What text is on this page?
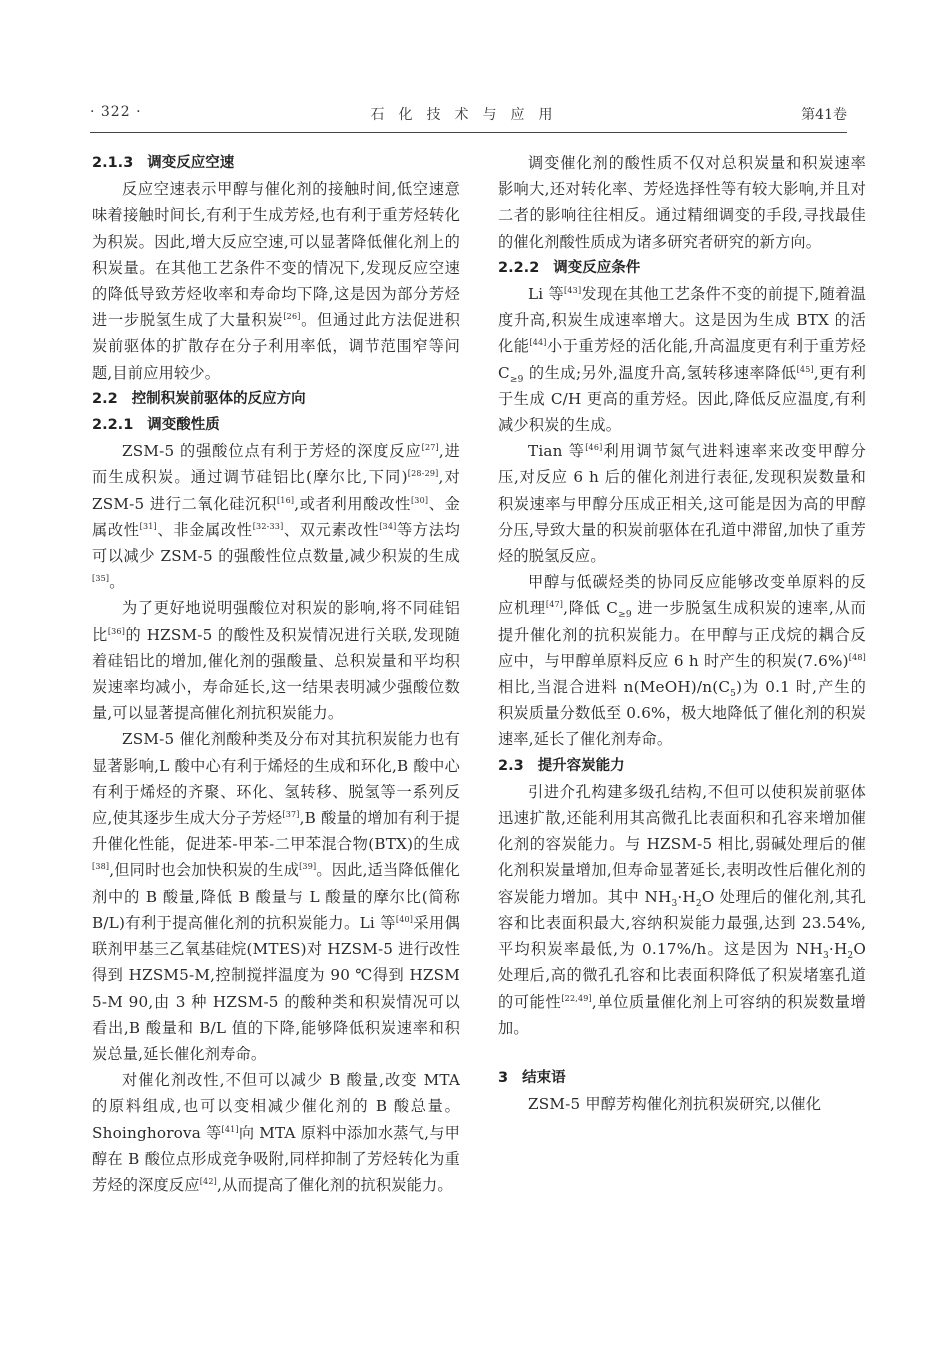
· 322 ·	石化技术与应用	第41卷
2.1.3 调变反应空速

反应空速表示甲醇与催化剂的接触时间,低空速意味着接触时间长,有利于生成芳烃,也有利于重芳烃转化为积炭。因此,增大反应空速,可以显著降低催化剂上的积炭量。在其他工艺条件不变的情况下,发现反应空速的降低导致芳烃收率和寿命均下降,这是因为部分芳烃进一步脱氢生成了大量积炭[26]。但通过此方法促进积炭前驱体的扩散存在分子利用率低，调节范围窄等问题,目前应用较少。

2.2 控制积炭前驱体的反应方向
2.2.1 调变酸性质

ZSM-5 的强酸位点有利于芳烃的深度反应[27],进而生成积炭。通过调节硅铝比(摩尔比,下同)[28-29],对 ZSM-5 进行二氧化硅沉积[16],或者利用酸改性[30]、金属改性[31]、非金属改性[32-33]、双元素改性[34]等方法均可以减少 ZSM-5 的强酸性位点数量,减少积炭的生成[35]。

为了更好地说明强酸位对积炭的影响,将不同硅铝比[36]的 HZSM-5 的酸性及积炭情况进行关联,发现随着硅铝比的增加,催化剂的强酸量、总积炭量和平均积炭速率均减小，寿命延长,这一结果表明减少强酸位数量,可以显著提高催化剂抗积炭能力。

ZSM-5 催化剂酸种类及分布对其抗积炭能力也有显著影响,L 酸中心有利于烯烃的生成和环化,B 酸中心有利于烯烃的齐聚、环化、氢转移、脱氢等一系列反应,使其逐步生成大分子芳烃[37],B 酸量的增加有利于提升催化性能，促进苯-甲苯-二甲苯混合物(BTX)的生成[38],但同时也会加快积炭的生成[39]。因此,适当降低催化剂中的 B 酸量,降低 B 酸量与 L 酸量的摩尔比(简称 B/L)有利于提高催化剂的抗积炭能力。Li 等[40]采用偶联剂甲基三乙氧基硅烷(MTES)对 HZSM-5 进行改性得到 HZSM5-M,控制搅拌温度为 90 ℃得到 HZSM 5-M 90,由 3 种 HZSM-5 的酸种类和积炭情况可以看出,B 酸量和 B/L 值的下降,能够降低积炭速率和积炭总量,延长催化剂寿命。

对催化剂改性,不但可以减少 B 酸量,改变 MTA 的原料组成,也可以变相减少催化剂的 B 酸总量。Shoinghorova 等[41]向 MTA 原料中添加水蒸气,与甲醇在 B 酸位点形成竞争吸附,同样抑制了芳烃转化为重芳烃的深度反应[42],从而提高了催化剂的抗积炭能力。

调变催化剂的酸性质不仅对总积炭量和积炭速率影响大,还对转化率、芳烃选择性等有较大影响,并且对二者的影响往往相反。通过精细调变的手段,寻找最佳的催化剂酸性质成为诸多研究者研究的新方向。

2.2.2 调变反应条件

Li 等[43]发现在其他工艺条件不变的前提下,随着温度升高,积炭生成速率增大。这是因为生成 BTX 的活化能[44]小于重芳烃的活化能,升高温度更有利于重芳烃 $C_{\ge 9}$ 的生成;另外,温度升高,氢转移速率降低[45],更有利于生成 C/H 更高的重芳烃。因此,降低反应温度,有利减少积炭的生成。

Tian 等[46]利用调节氮气进料速率来改变甲醇分压,对反应 6 h 后的催化剂进行表征,发现积炭数量和积炭速率与甲醇分压成正相关,这可能是因为高的甲醇分压,导致大量的积炭前驱体在孔道中滞留,加快了重芳烃的脱氢反应。

甲醇与低碳烃类的协同反应能够改变单原料的反应机理[47],降低 $C_{\ge 9}$ 进一步脱氢生成积炭的速率,从而提升催化剂的抗积炭能力。在甲醇与正戊烷的耦合反应中，与甲醇单原料反应 6 h 时产生的积炭(7.6%)[48]相比,当混合进料 $n(MeOH)/n(C_5)$为 0.1 时,产生的积炭质量分数低至 0.6%，极大地降低了催化剂的积炭速率,延长了催化剂寿命。

2.3 提升容炭能力

引进介孔构建多级孔结构,不但可以使积炭前驱体迅速扩散,还能利用其高微孔比表面积和孔容来增加催化剂的容炭能力。与 HZSM-5 相比,弱碱处理后的催化剂积炭量增加,但寿命显著延长,表明改性后催化剂的容炭能力增加。其中 $NH_3\cdot H_2O$ 处理后的催化剂,其孔容和比表面积最大,容纳积炭能力最强,达到 23.54%,平均积炭率最低,为 0.17%/h。这是因为 $NH_3\cdot H_2O$ 处理后,高的微孔孔容和比表面积降低了积炭堵塞孔道的可能性[22,49],单位质量催化剂上可容纳的积炭数量增加。

3 结束语

ZSM-5 甲醇芳构催化剂抗积炭研究,以催化
